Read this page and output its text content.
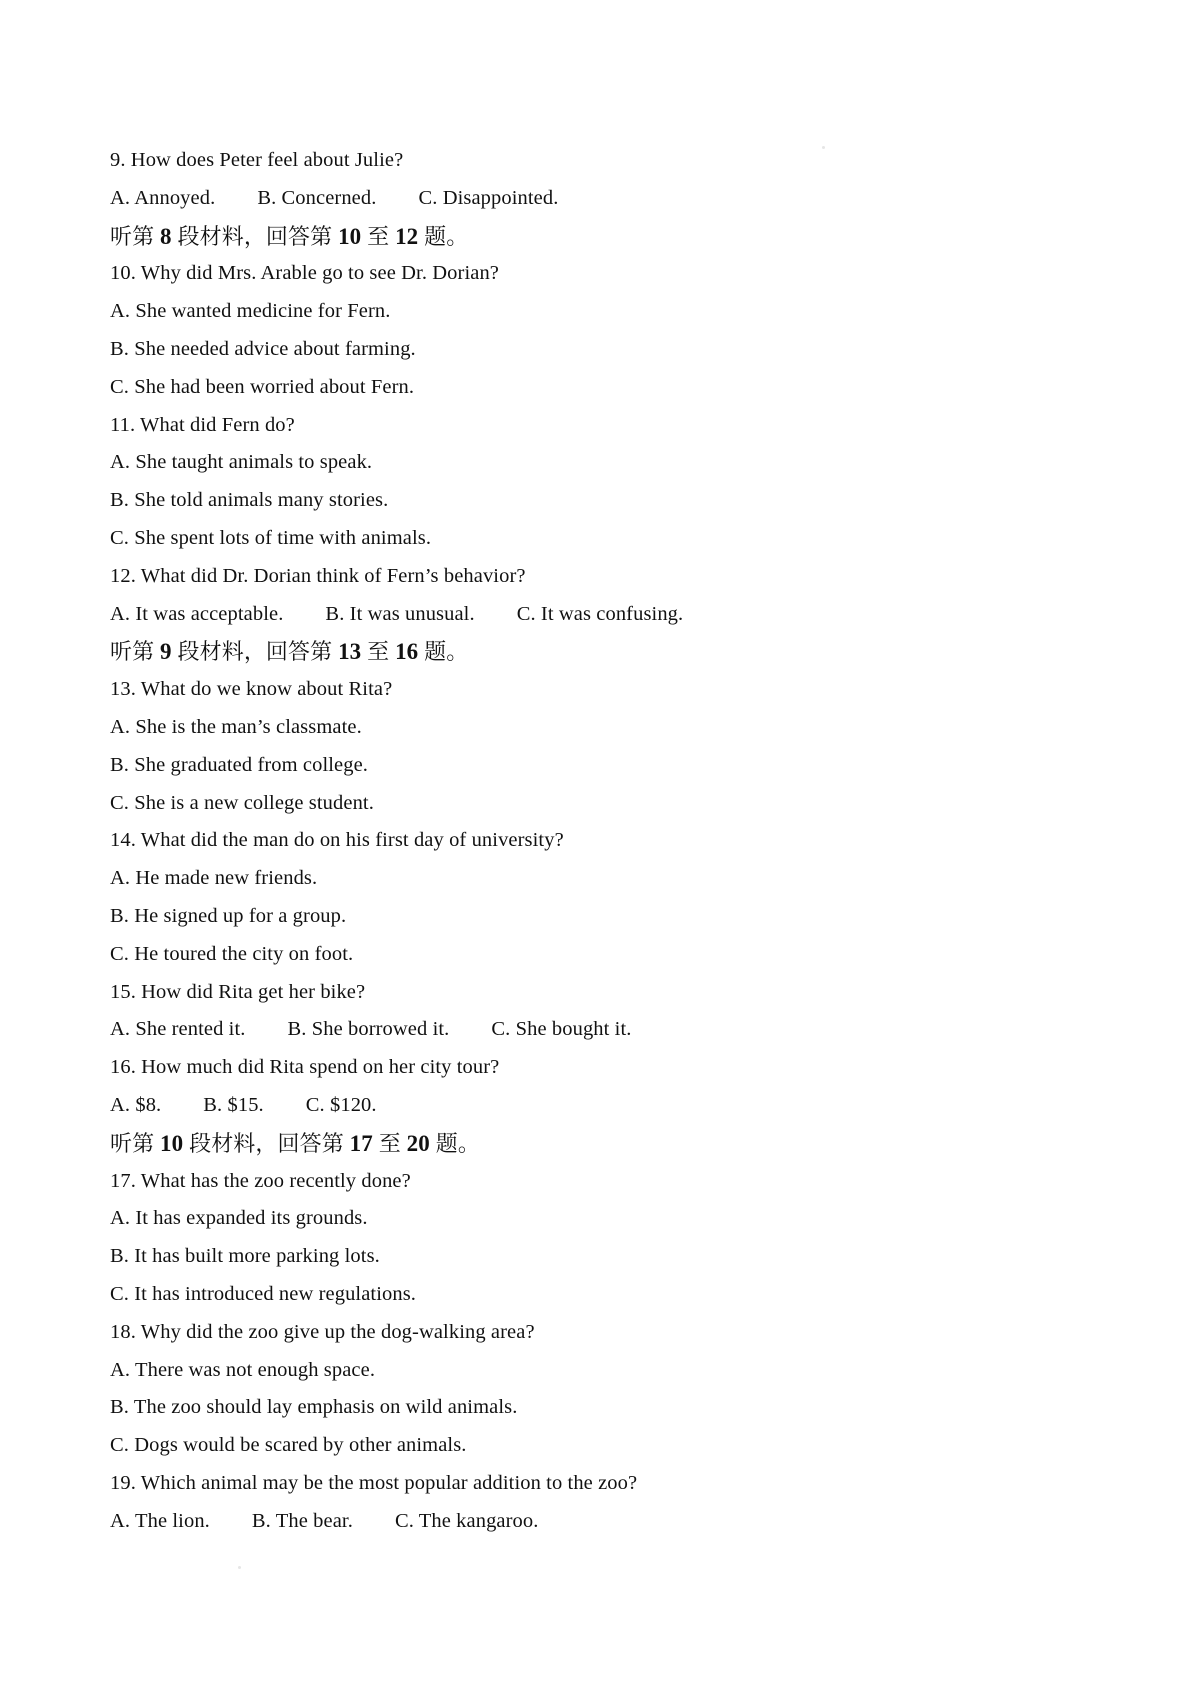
9. How does Peter feel about Julie?
A. Annoyed. B. Concerned. C. Disappointed.
听第 8 段材料，回答第 10 至 12 题。
10. Why did Mrs. Arable go to see Dr. Dorian?
A. She wanted medicine for Fern.
B. She needed advice about farming.
C. She had been worried about Fern.
11. What did Fern do?
A. She taught animals to speak.
B. She told animals many stories.
C. She spent lots of time with animals.
12. What did Dr. Dorian think of Fern’s behavior?
A. It was acceptable. B. It was unusual. C. It was confusing.
听第 9 段材料，回答第 13 至 16 题。
13. What do we know about Rita?
A. She is the man’s classmate.
B. She graduated from college.
C. She is a new college student.
14. What did the man do on his first day of university?
A. He made new friends.
B. He signed up for a group.
C. He toured the city on foot.
15. How did Rita get her bike?
A. She rented it. B. She borrowed it. C. She bought it.
16. How much did Rita spend on her city tour?
A. $8. B. $15. C. $120.
听第 10 段材料，回答第 17 至 20 题。
17. What has the zoo recently done?
A. It has expanded its grounds.
B. It has built more parking lots.
C. It has introduced new regulations.
18. Why did the zoo give up the dog-walking area?
A. There was not enough space.
B. The zoo should lay emphasis on wild animals.
C. Dogs would be scared by other animals.
19. Which animal may be the most popular addition to the zoo?
A. The lion. B. The bear. C. The kangaroo.
